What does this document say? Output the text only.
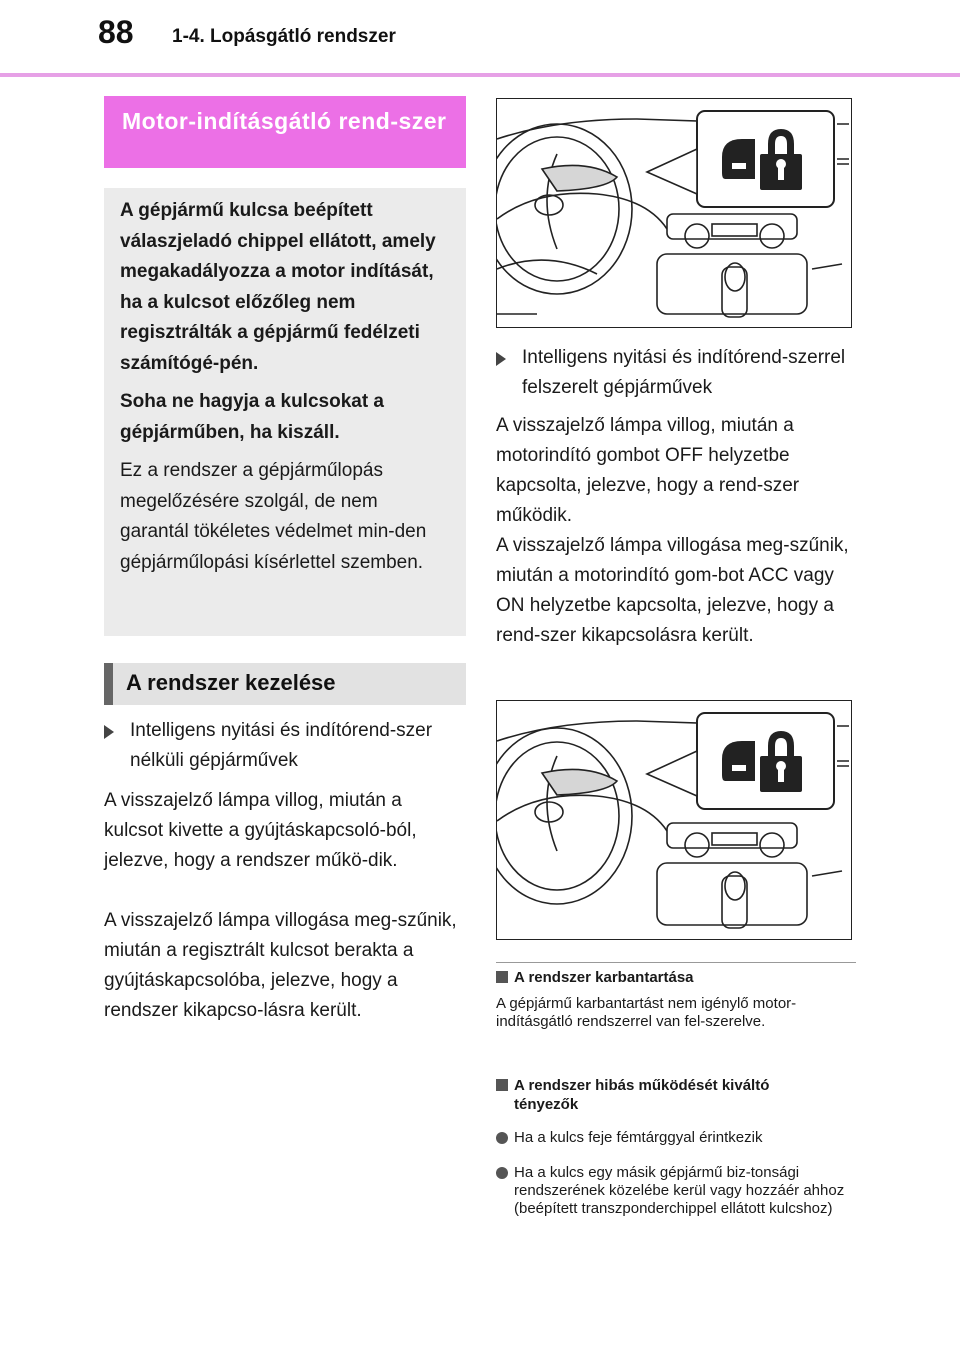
88 1-4. Lopásgátló rendszer
Motor-indításgátló rend-szer

A gépjármű kulcsa beépített válaszjeladó chippel ellátott, amely megakadályozza a motor indítását, ha a kulcsot előzőleg nem regisztrálták a gépjármű fedélzeti számítógé-pén.

Soha ne hagyja a kulcsokat a gépjárműben, ha kiszáll.

Ez a rendszer a gépjárműlopás megelőzésére szolgál, de nem garantál tökéletes védelmet min-den gépjárműlopási kísérlettel szemben.

A rendszer kezelése
Intelligens nyitási és indítórend-szer nélküli gépjárművek

A visszajelző lámpa villog, miután a kulcsot kivette a gyújtáskapcsoló-ból, jelezve, hogy a rendszer műkö-dik.

A visszajelző lámpa villogása meg-szűnik, miután a regisztrált kulcsot berakta a gyújtáskapcsolóba, jelezve, hogy a rendszer kikapcso-lásra került.

Intelligens nyitási és indítórend-szerrel felszerelt gépjárművek

A visszajelző lámpa villog, miután a motorindító gombot OFF helyzetbe kapcsolta, jelezve, hogy a rend-szer működik.

A visszajelző lámpa villogása meg-szűnik, miután a motorindító gom-bot ACC vagy ON helyzetbe kapcsolta, jelezve, hogy a rend-szer kikapcsolásra került.

A rendszer karbantartása

A gépjármű karbantartást nem igénylő motor-indításgátló rendszerrel van fel-szerelve.

A rendszer hibás működését kiváltó tényezők
Ha a kulcs feje fémtárggyal érintkezik
Ha a kulcs egy másik gépjármű biz-tonsági rendszerének közelébe kerül vagy hozzáér ahhoz (beépített transzponderchippel ellátott kulcshoz)
